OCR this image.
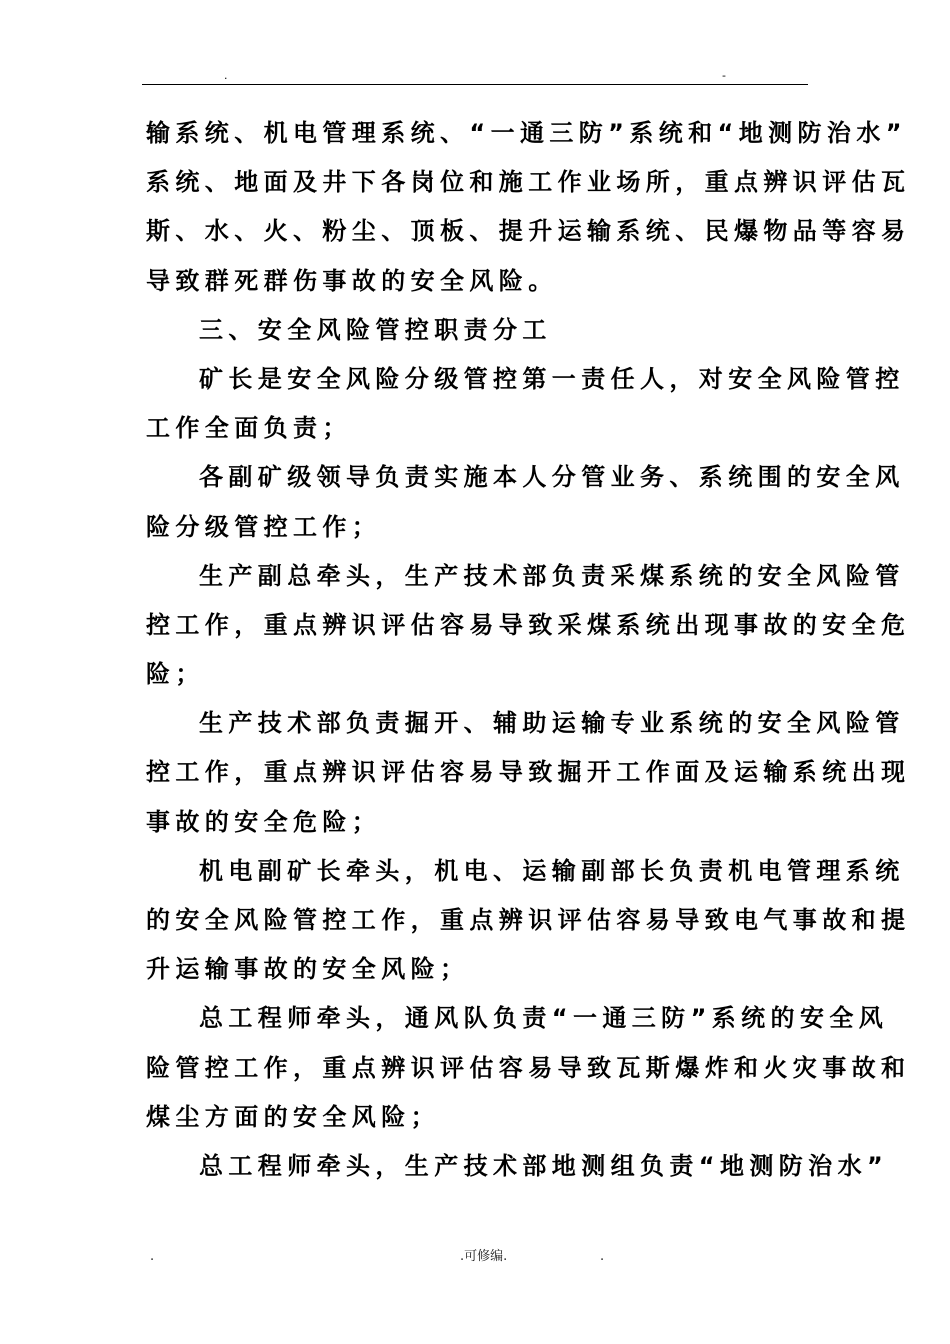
.	-
输系统、机电管理系统、“一通三防”系统和“地测防治水”
系统、地面及井下各岗位和施工作业场所，重点辨识评估瓦
斯、水、火、粉尘、顶板、提升运输系统、民爆物品等容易
导致群死群伤事故的安全风险。
三、安全风险管控职责分工
矿长是安全风险分级管控第一责任人，对安全风险管控
工作全面负责；
各副矿级领导负责实施本人分管业务、系统围的安全风
险分级管控工作；
生产副总牵头，生产技术部负责采煤系统的安全风险管
控工作，重点辨识评估容易导致采煤系统出现事故的安全危
险；
生产技术部负责掘开、辅助运输专业系统的安全风险管
控工作，重点辨识评估容易导致掘开工作面及运输系统出现
事故的安全危险；
机电副矿长牵头，机电、运输副部长负责机电管理系统
的安全风险管控工作，重点辨识评估容易导致电气事故和提
升运输事故的安全风险；
总工程师牵头，通风队负责“一通三防”系统的安全风
险管控工作，重点辨识评估容易导致瓦斯爆炸和火灾事故和
煤尘方面的安全风险；
总工程师牵头，生产技术部地测组负责“地测防治水”
.	.可修编.	.
